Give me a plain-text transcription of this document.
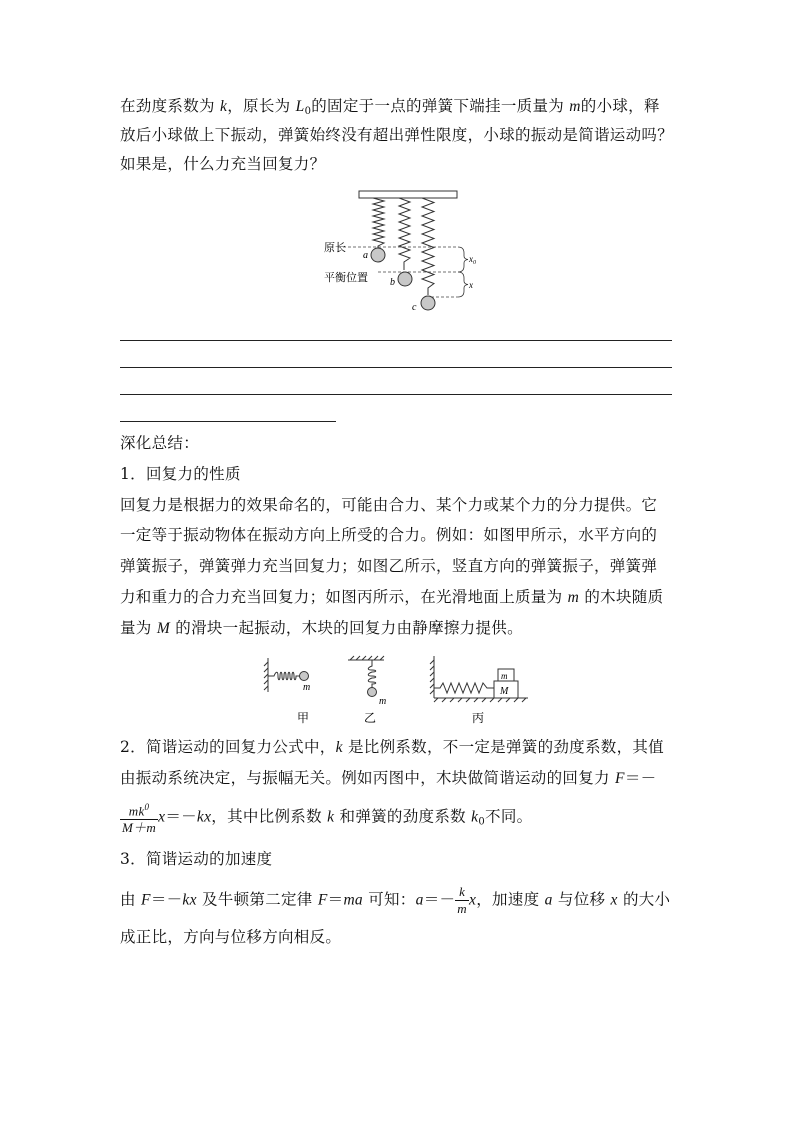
在劲度系数为 k，原长为 $L_0$的固定于一点的弹簧下端挂一质量为 m的小球，释
放后小球做上下振动，弹簧始终没有超出弹性限度，小球的振动是简谐运动吗？
如果是，什么力充当回复力？
原长
平衡位置
a
b
c
$x_0$
x
深化总结：
1．回复力的性质
回复力是根据力的效果命名的，可能由合力、某个力或某个力的分力提供。它
一定等于振动物体在振动方向上所受的合力。例如：如图甲所示，水平方向的
弹簧振子，弹簧弹力充当回复力；如图乙所示，竖直方向的弹簧振子，弹簧弹
力和重力的合力充当回复力；如图丙所示，在光滑地面上质量为 m 的木块随质
量为 M 的滑块一起振动，木块的回复力由静摩擦力提供。
m
m
m
M
甲	乙	丙
2．简谐运动的回复力公式中，k 是比例系数，不一定是弹簧的劲度系数，其值
由振动系统决定，与振幅无关。例如丙图中，木块做简谐运动的回复力 F＝－
$\frac{mk^0}{M+m} x=-kx$，其中比例系数 k 和弹簧的劲度系数 $k_0$不同。
3．简谐运动的加速度
由 F＝－kx 及牛顿第二定律 F＝ma 可知：$a=- \frac{k}{m}$ x，加速度 a 与位移 x 的大小
成正比，方向与位移方向相反。
